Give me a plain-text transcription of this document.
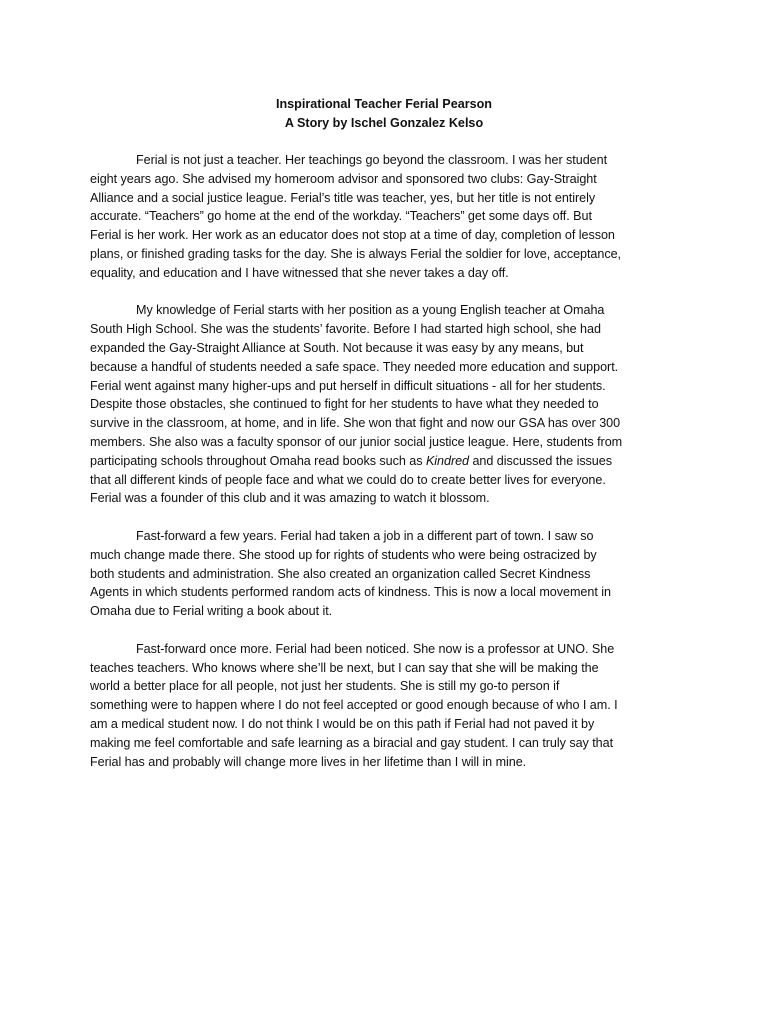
Inspirational Teacher Ferial Pearson
A Story by Ischel Gonzalez Kelso
Ferial is not just a teacher. Her teachings go beyond the classroom. I was her student
eight years ago. She advised my homeroom advisor and sponsored two clubs: Gay-Straight
Alliance and a social justice league. Ferial’s title was teacher, yes, but her title is not entirely
accurate. “Teachers” go home at the end of the workday. “Teachers” get some days off. But
Ferial is her work. Her work as an educator does not stop at a time of day, completion of lesson
plans, or finished grading tasks for the day. She is always Ferial the soldier for love, acceptance,
equality, and education and I have witnessed that she never takes a day off.
My knowledge of Ferial starts with her position as a young English teacher at Omaha
South High School. She was the students’ favorite. Before I had started high school, she had
expanded the Gay-Straight Alliance at South. Not because it was easy by any means, but
because a handful of students needed a safe space. They needed more education and support.
Ferial went against many higher-ups and put herself in difficult situations - all for her students.
Despite those obstacles, she continued to fight for her students to have what they needed to
survive in the classroom, at home, and in life. She won that fight and now our GSA has over 300
members. She also was a faculty sponsor of our junior social justice league. Here, students from
participating schools throughout Omaha read books such as Kindred and discussed the issues
that all different kinds of people face and what we could do to create better lives for everyone.
Ferial was a founder of this club and it was amazing to watch it blossom.
Fast-forward a few years. Ferial had taken a job in a different part of town. I saw so
much change made there. She stood up for rights of students who were being ostracized by
both students and administration. She also created an organization called Secret Kindness
Agents in which students performed random acts of kindness. This is now a local movement in
Omaha due to Ferial writing a book about it.
Fast-forward once more. Ferial had been noticed. She now is a professor at UNO. She
teaches teachers. Who knows where she’ll be next, but I can say that she will be making the
world a better place for all people, not just her students. She is still my go-to person if
something were to happen where I do not feel accepted or good enough because of who I am. I
am a medical student now. I do not think I would be on this path if Ferial had not paved it by
making me feel comfortable and safe learning as a biracial and gay student. I can truly say that
Ferial has and probably will change more lives in her lifetime than I will in mine.
